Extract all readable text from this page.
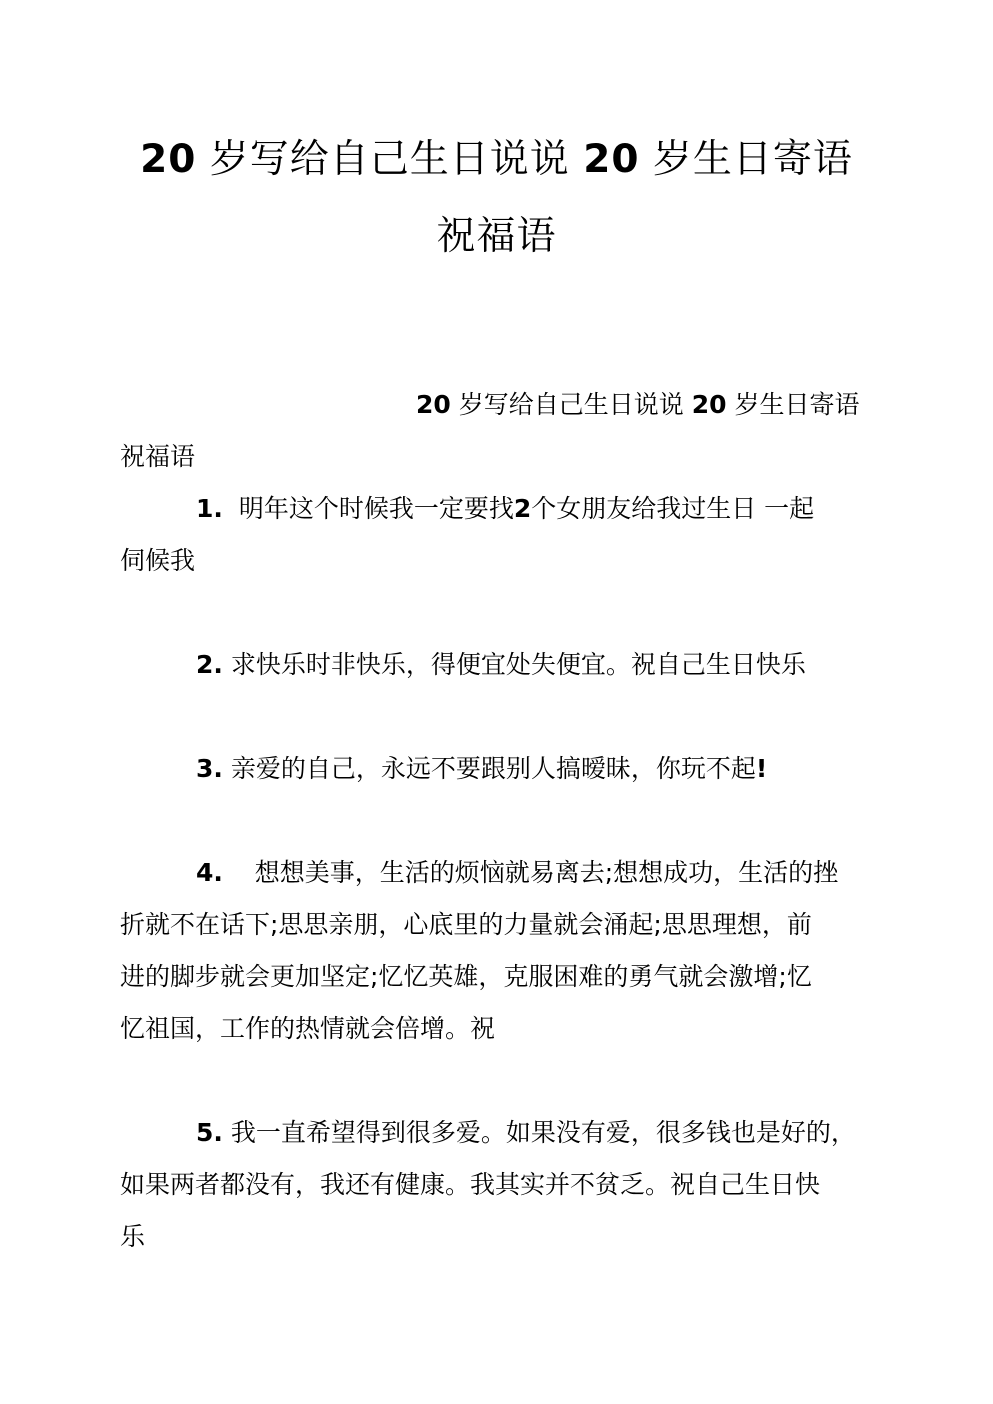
20 岁写给自己生日说说 20 岁生日寄语
祝福语

20 岁写给自己生日说说 20 岁生日寄语

祝福语

1. 明年这个时候我一定要找2个女朋友给我过生日 一起

伺候我

2. 求快乐时非快乐，得便宜处失便宜。祝自己生日快乐

3. 亲爱的自己，永远不要跟别人搞暧昧，你玩不起!

4. 想想美事，生活的烦恼就易离去;想想成功，生活的挫

折就不在话下;思思亲朋，心底里的力量就会涌起;思思理想，前

进的脚步就会更加坚定;忆忆英雄，克服困难的勇气就会激增;忆

忆祖国，工作的热情就会倍增。祝

5. 我一直希望得到很多爱。如果没有爱，很多钱也是好的，

如果两者都没有，我还有健康。我其实并不贫乏。祝自己生日快

乐
